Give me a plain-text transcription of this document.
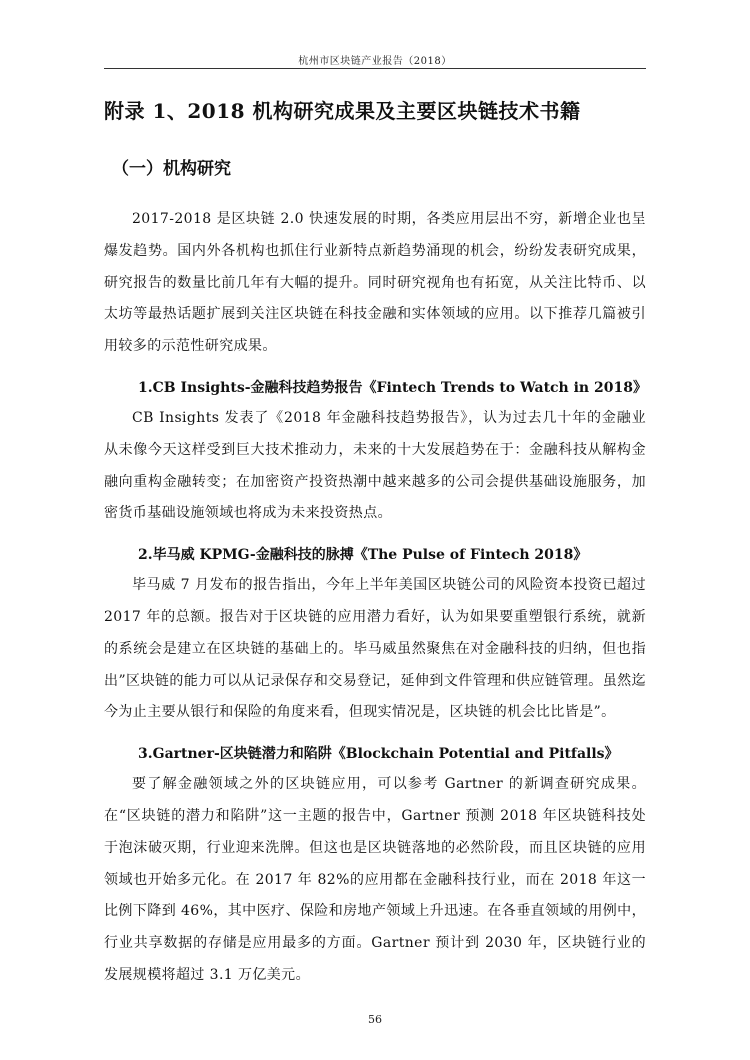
杭州市区块链产业报告（2018）
附录 1、2018 机构研究成果及主要区块链技术书籍
（一）机构研究

2017-2018 是区块链 2.0 快速发展的时期，各类应用层出不穷，新增企业也呈爆发趋势。国内外各机构也抓住行业新特点新趋势涌现的机会，纷纷发表研究成果，研究报告的数量比前几年有大幅的提升。同时研究视角也有拓宽，从关注比特币、以太坊等最热话题扩展到关注区块链在科技金融和实体领域的应用。以下推荐几篇被引用较多的示范性研究成果。

1.CB Insights-金融科技趋势报告《Fintech Trends to Watch in 2018》

CB Insights 发表了《2018 年金融科技趋势报告》，认为过去几十年的金融业从未像今天这样受到巨大技术推动力，未来的十大发展趋势在于：金融科技从解构金融向重构金融转变；在加密资产投资热潮中越来越多的公司会提供基础设施服务，加密货币基础设施领域也将成为未来投资热点。

2.毕马威 KPMG-金融科技的脉搏《The Pulse of Fintech 2018》

毕马威 7 月发布的报告指出，今年上半年美国区块链公司的风险资本投资已超过 2017 年的总额。报告对于区块链的应用潜力看好，认为如果要重塑银行系统，就新的系统会是建立在区块链的基础上的。毕马威虽然聚焦在对金融科技的归纳，但也指出”区块链的能力可以从记录保存和交易登记，延伸到文件管理和供应链管理。虽然迄今为止主要从银行和保险的角度来看，但现实情况是，区块链的机会比比皆是”。

3.Gartner-区块链潜力和陷阱《Blockchain Potential and Pitfalls》

要了解金融领域之外的区块链应用，可以参考 Gartner 的新调查研究成果。在“区块链的潜力和陷阱”这一主题的报告中，Gartner 预测 2018 年区块链科技处于泡沫破灭期，行业迎来洗牌。但这也是区块链落地的必然阶段，而且区块链的应用领域也开始多元化。在 2017 年 82%的应用都在金融科技行业，而在 2018 年这一比例下降到 46%，其中医疗、保险和房地产领域上升迅速。在各垂直领域的用例中，行业共享数据的存储是应用最多的方面。Gartner 预计到 2030 年，区块链行业的发展规模将超过 3.1 万亿美元。

56
